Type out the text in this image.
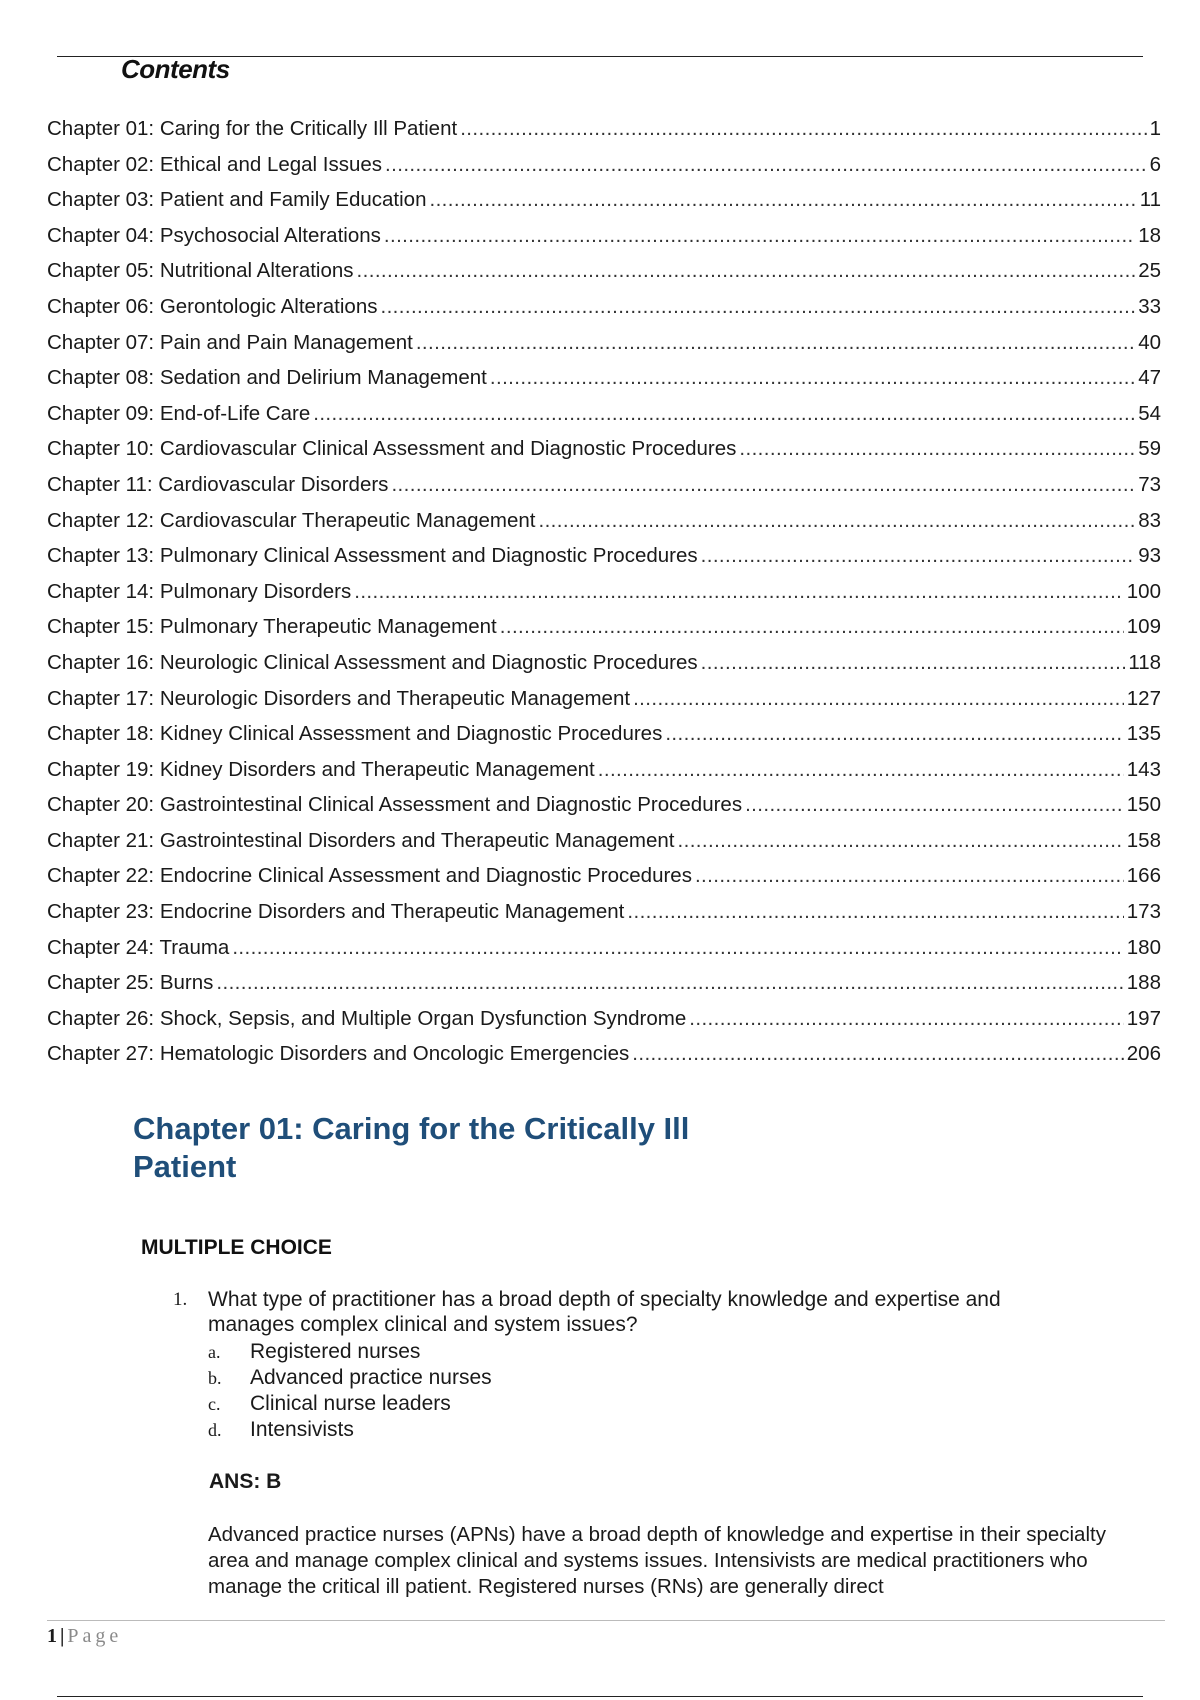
Contents
Chapter 01: Caring for the Critically Ill Patient .....	1
Chapter 02: Ethical and Legal Issues .....	6
Chapter 03: Patient and Family Education .....	11
Chapter 04: Psychosocial Alterations .....	18
Chapter 05: Nutritional Alterations .....	25
Chapter 06: Gerontologic Alterations .....	33
Chapter 07: Pain and Pain Management .....	40
Chapter 08: Sedation and Delirium Management .....	47
Chapter 09: End-of-Life Care .....	54
Chapter 10: Cardiovascular Clinical Assessment and Diagnostic Procedures .....	59
Chapter 11: Cardiovascular Disorders .....	73
Chapter 12: Cardiovascular Therapeutic Management .....	83
Chapter 13: Pulmonary Clinical Assessment and Diagnostic Procedures .....	93
Chapter 14: Pulmonary Disorders .....	100
Chapter 15: Pulmonary Therapeutic Management .....	109
Chapter 16: Neurologic Clinical Assessment and Diagnostic Procedures .....	118
Chapter 17: Neurologic Disorders and Therapeutic Management .....	127
Chapter 18: Kidney Clinical Assessment and Diagnostic Procedures .....	135
Chapter 19: Kidney Disorders and Therapeutic Management .....	143
Chapter 20: Gastrointestinal Clinical Assessment and Diagnostic Procedures .....	150
Chapter 21: Gastrointestinal Disorders and Therapeutic Management .....	158
Chapter 22: Endocrine Clinical Assessment and Diagnostic Procedures .....	166
Chapter 23: Endocrine Disorders and Therapeutic Management .....	173
Chapter 24: Trauma .....	180
Chapter 25: Burns .....	188
Chapter 26: Shock, Sepsis, and Multiple Organ Dysfunction Syndrome .....	197
Chapter 27: Hematologic Disorders and Oncologic Emergencies .....	206
Chapter 01: Caring for the Critically Ill Patient
MULTIPLE CHOICE
1. What type of practitioner has a broad depth of specialty knowledge and expertise and manages complex clinical and system issues?
a. Registered nurses
b. Advanced practice nurses
c. Clinical nurse leaders
d. Intensivists
ANS: B
Advanced practice nurses (APNs) have a broad depth of knowledge and expertise in their specialty area and manage complex clinical and systems issues. Intensivists are medical practitioners who manage the critical ill patient. Registered nurses (RNs) are generally direct
1 | Page
